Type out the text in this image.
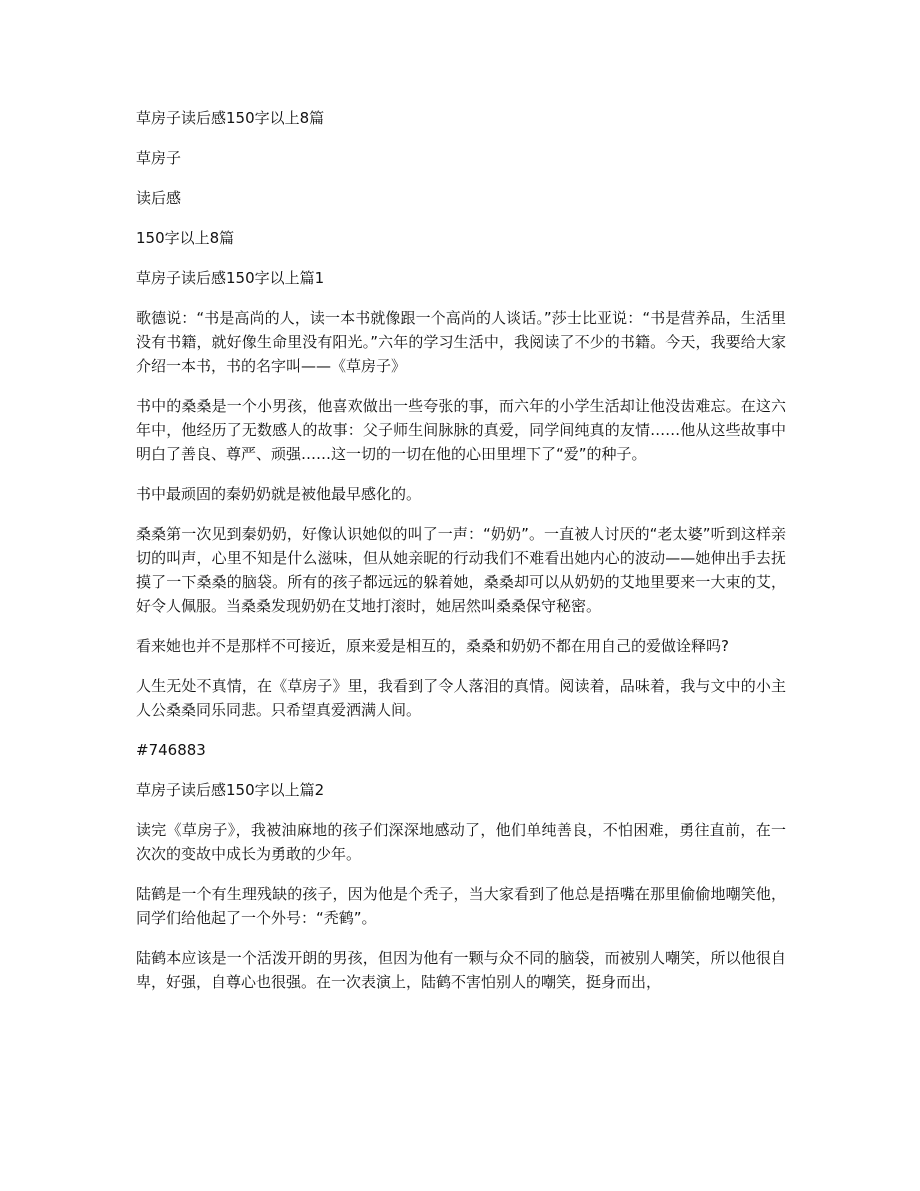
草房子读后感150字以上8篇

草房子

读后感

150字以上8篇

草房子读后感150字以上篇1

歌德说：“书是高尚的人，读一本书就像跟一个高尚的人谈话。”莎士比亚说：“书是营养品，生活里没有书籍，就好像生命里没有阳光。”六年的学习生活中，我阅读了不少的书籍。今天，我要给大家介绍一本书，书的名字叫——《草房子》

书中的桑桑是一个小男孩，他喜欢做出一些夸张的事，而六年的小学生活却让他没齿难忘。在这六年中，他经历了无数感人的故事：父子师生间脉脉的真爱，同学间纯真的友情……他从这些故事中明白了善良、尊严、顽强……这一切的一切在他的心田里埋下了“爱”的种子。

书中最顽固的秦奶奶就是被他最早感化的。

桑桑第一次见到秦奶奶，好像认识她似的叫了一声：“奶奶”。一直被人讨厌的“老太婆”听到这样亲切的叫声，心里不知是什么滋味，但从她亲昵的行动我们不难看出她内心的波动——她伸出手去抚摸了一下桑桑的脑袋。所有的孩子都远远的躲着她，桑桑却可以从奶奶的艾地里要来一大束的艾，好令人佩服。当桑桑发现奶奶在艾地打滚时，她居然叫桑桑保守秘密。

看来她也并不是那样不可接近，原来爱是相互的，桑桑和奶奶不都在用自己的爱做诠释吗?

人生无处不真情，在《草房子》里，我看到了令人落泪的真情。阅读着，品味着，我与文中的小主人公桑桑同乐同悲。只希望真爱洒满人间。

#746883

草房子读后感150字以上篇2

读完《草房子》，我被油麻地的孩子们深深地感动了，他们单纯善良，不怕困难，勇往直前，在一次次的变故中成长为勇敢的少年。

陆鹤是一个有生理残缺的孩子，因为他是个秃子，当大家看到了他总是捂嘴在那里偷偷地嘲笑他，同学们给他起了一个外号：“秃鹤”。

陆鹤本应该是一个活泼开朗的男孩，但因为他有一颗与众不同的脑袋，而被别人嘲笑，所以他很自卑，好强，自尊心也很强。在一次表演上，陆鹤不害怕别人的嘲笑，挺身而出，
